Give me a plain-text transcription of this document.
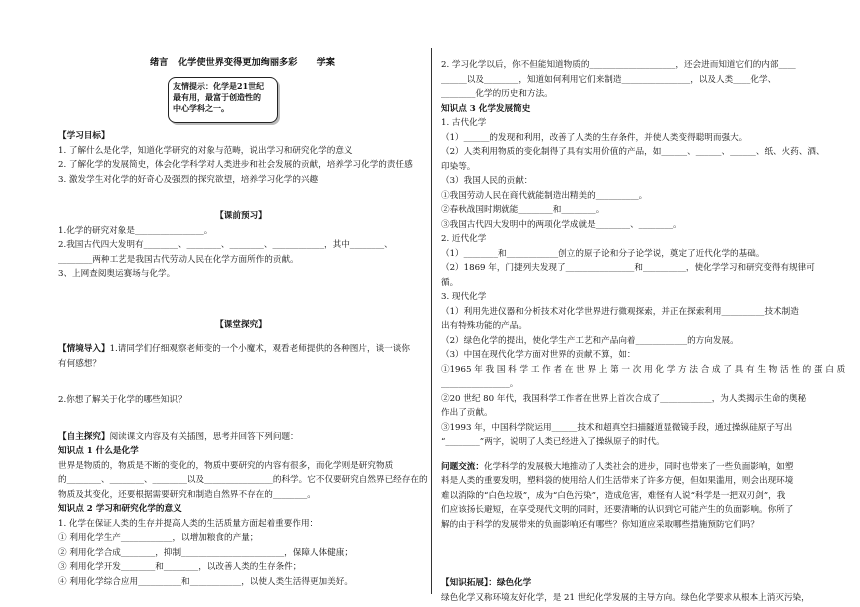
绪言   化学使世界变得更加绚丽多彩      学案
友情提示：化学是21世纪
最有用，最富于创造性的
中心学科之一。
【学习目标】
1. 了解什么是化学，知道化学研究的对象与范畴，说出学习和研究化学的意义
2. 了解化学的发展简史，体会化学科学对人类进步和社会发展的贡献，培养学习化学的责任感
3. 激发学生对化学的好奇心及强烈的探究欲望，培养学习化学的兴趣
【课前预习】
1.化学的研究对象是________________。
2.我国古代四大发明有________、________、________、____________，其中________、
________两种工艺是我国古代劳动人民在化学方面所作的贡献。
3、上网查阅奥运赛场与化学。
【课堂探究】
【情境导入】1.请同学们仔细观察老师变的一个小魔术，观看老师提供的各种图片，谈一谈你
有何感想？
2.你想了解关于化学的哪些知识？
【自主探究】阅读课文内容及有关插图，思考并回答下列问题：
知识点 1 什么是化学
世界是物质的，物质是不断的变化的，物质中要研究的内容有很多，而化学则是研究物质
的________、________、________以及________________的科学。它不仅要研究自然界已经存在的
物质及其变化，还要根据需要研究和制造自然界不存在的________。
知识点 2 学习和研究化学的意义
1. 化学在保证人类的生存并提高人类的生活质量方面起着重要作用：
① 利用化学生产____________，以增加粮食的产量；
② 利用化学合成________，抑制________________________，保障人体健康；
③ 利用化学开发________和________，以改善人类的生存条件；
④ 利用化学综合应用__________和____________，以使人类生活得更加美好。
2. 学习化学以后，你不但能知道物质的____________________，还会进而知道它们的内部____
______以及________，知道如何利用它们来制造________________，以及人类____化学、
________化学的历史和方法。
知识点 3 化学发展简史
1. 古代化学
（1）______的发现和利用，改善了人类的生存条件，并使人类变得聪明而强大。
（2）人类利用物质的变化制得了具有实用价值的产品，如______、______、______、纸、火药、酒、
印染等。
（3）我国人民的贡献：
①我国劳动人民在商代就能制造出精美的__________。
②春秋战国时期就能________和________。
③我国古代四大发明中的两项化学成就是________、________。
2. 近代化学
（1）________和____________创立的原子论和分子论学说，奠定了近代化学的基础。
（2）1869 年，门捷列夫发现了________________和__________，使化学学习和研究变得有规律可
循。
3. 现代化学
（1）利用先进仪器和分析技术对化学世界进行微观探索，并正在探索利用__________技术制造
出有特殊功能的产品。
（2）绿色化学的提出，使化学生产工艺和产品向着____________的方向发展。
（3）中国在现代化学方面对世界的贡献不算，如：
①1965 年 我 国 科 学 工 作 者 在 世 界 上 第 一 次 用 化 学 方 法 合 成 了 具 有 生 物 活 性 的 蛋 白 质
________________。
②20 世纪 80 年代，我国科学工作者在世界上首次合成了____________，为人类揭示生命的奥秘
作出了贡献。
③1993 年，中国科学院运用______技术和超真空扫描隧道显微镜手段，通过操纵硅原子写出
“________”两字，说明了人类已经进入了操纵原子的时代。
问题交流：化学科学的发展极大地推动了人类社会的进步，同时也带来了一些负面影响，如塑
料是人类的重要发明，塑料袋的使用给人们生活带来了许多方便，但如果滥用，则会出现环境
难以消除的“白色垃圾”，成为“白色污染”，造成危害，难怪有人说“科学是一把双刃剑”，我
们应该扬长避短，在享受现代文明的同时，还要清晰的认识到它可能产生的负面影响。你所了
解的由于科学的发展带来的负面影响还有哪些？你知道应采取哪些措施预防它们吗？
【知识拓展】：绿色化学
绿色化学又称环境友好化学，是 21 世纪化学发展的主导方向。绿色化学要求从根本上消灭污染，
